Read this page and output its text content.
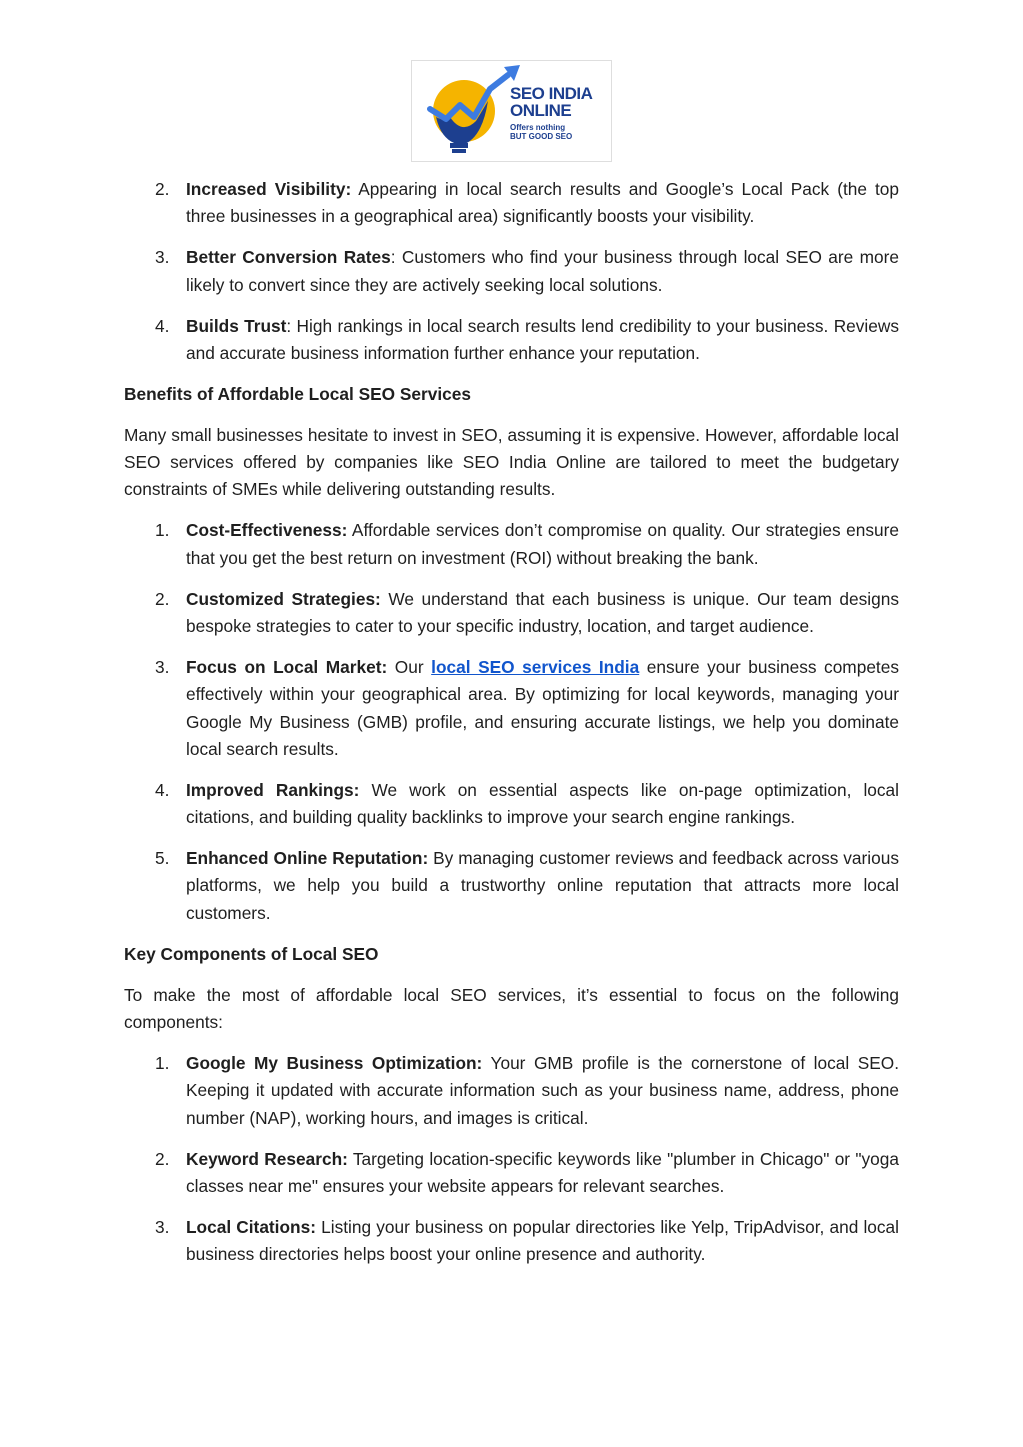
SEO INDIA
ONLINE
Offers nothing
BUT GOOD SEO
2. Increased Visibility: Appearing in local search results and Google’s Local Pack (the top three businesses in a geographical area) significantly boosts your visibility.
3. Better Conversion Rates: Customers who find your business through local SEO are more likely to convert since they are actively seeking local solutions.
4. Builds Trust: High rankings in local search results lend credibility to your business. Reviews and accurate business information further enhance your reputation.

Benefits of Affordable Local SEO Services

Many small businesses hesitate to invest in SEO, assuming it is expensive. However, affordable local SEO services offered by companies like SEO India Online are tailored to meet the budgetary constraints of SMEs while delivering outstanding results.

1. Cost-Effectiveness: Affordable services don’t compromise on quality. Our strategies ensure that you get the best return on investment (ROI) without breaking the bank.
2. Customized Strategies: We understand that each business is unique. Our team designs bespoke strategies to cater to your specific industry, location, and target audience.
3. Focus on Local Market: Our local SEO services India ensure your business competes effectively within your geographical area. By optimizing for local keywords, managing your Google My Business (GMB) profile, and ensuring accurate listings, we help you dominate local search results.
4. Improved Rankings: We work on essential aspects like on-page optimization, local citations, and building quality backlinks to improve your search engine rankings.
5. Enhanced Online Reputation: By managing customer reviews and feedback across various platforms, we help you build a trustworthy online reputation that attracts more local customers.

Key Components of Local SEO

To make the most of affordable local SEO services, it’s essential to focus on the following components:

1. Google My Business Optimization: Your GMB profile is the cornerstone of local SEO. Keeping it updated with accurate information such as your business name, address, phone number (NAP), working hours, and images is critical.
2. Keyword Research: Targeting location-specific keywords like "plumber in Chicago" or "yoga classes near me" ensures your website appears for relevant searches.
3. Local Citations: Listing your business on popular directories like Yelp, TripAdvisor, and local business directories helps boost your online presence and authority.
